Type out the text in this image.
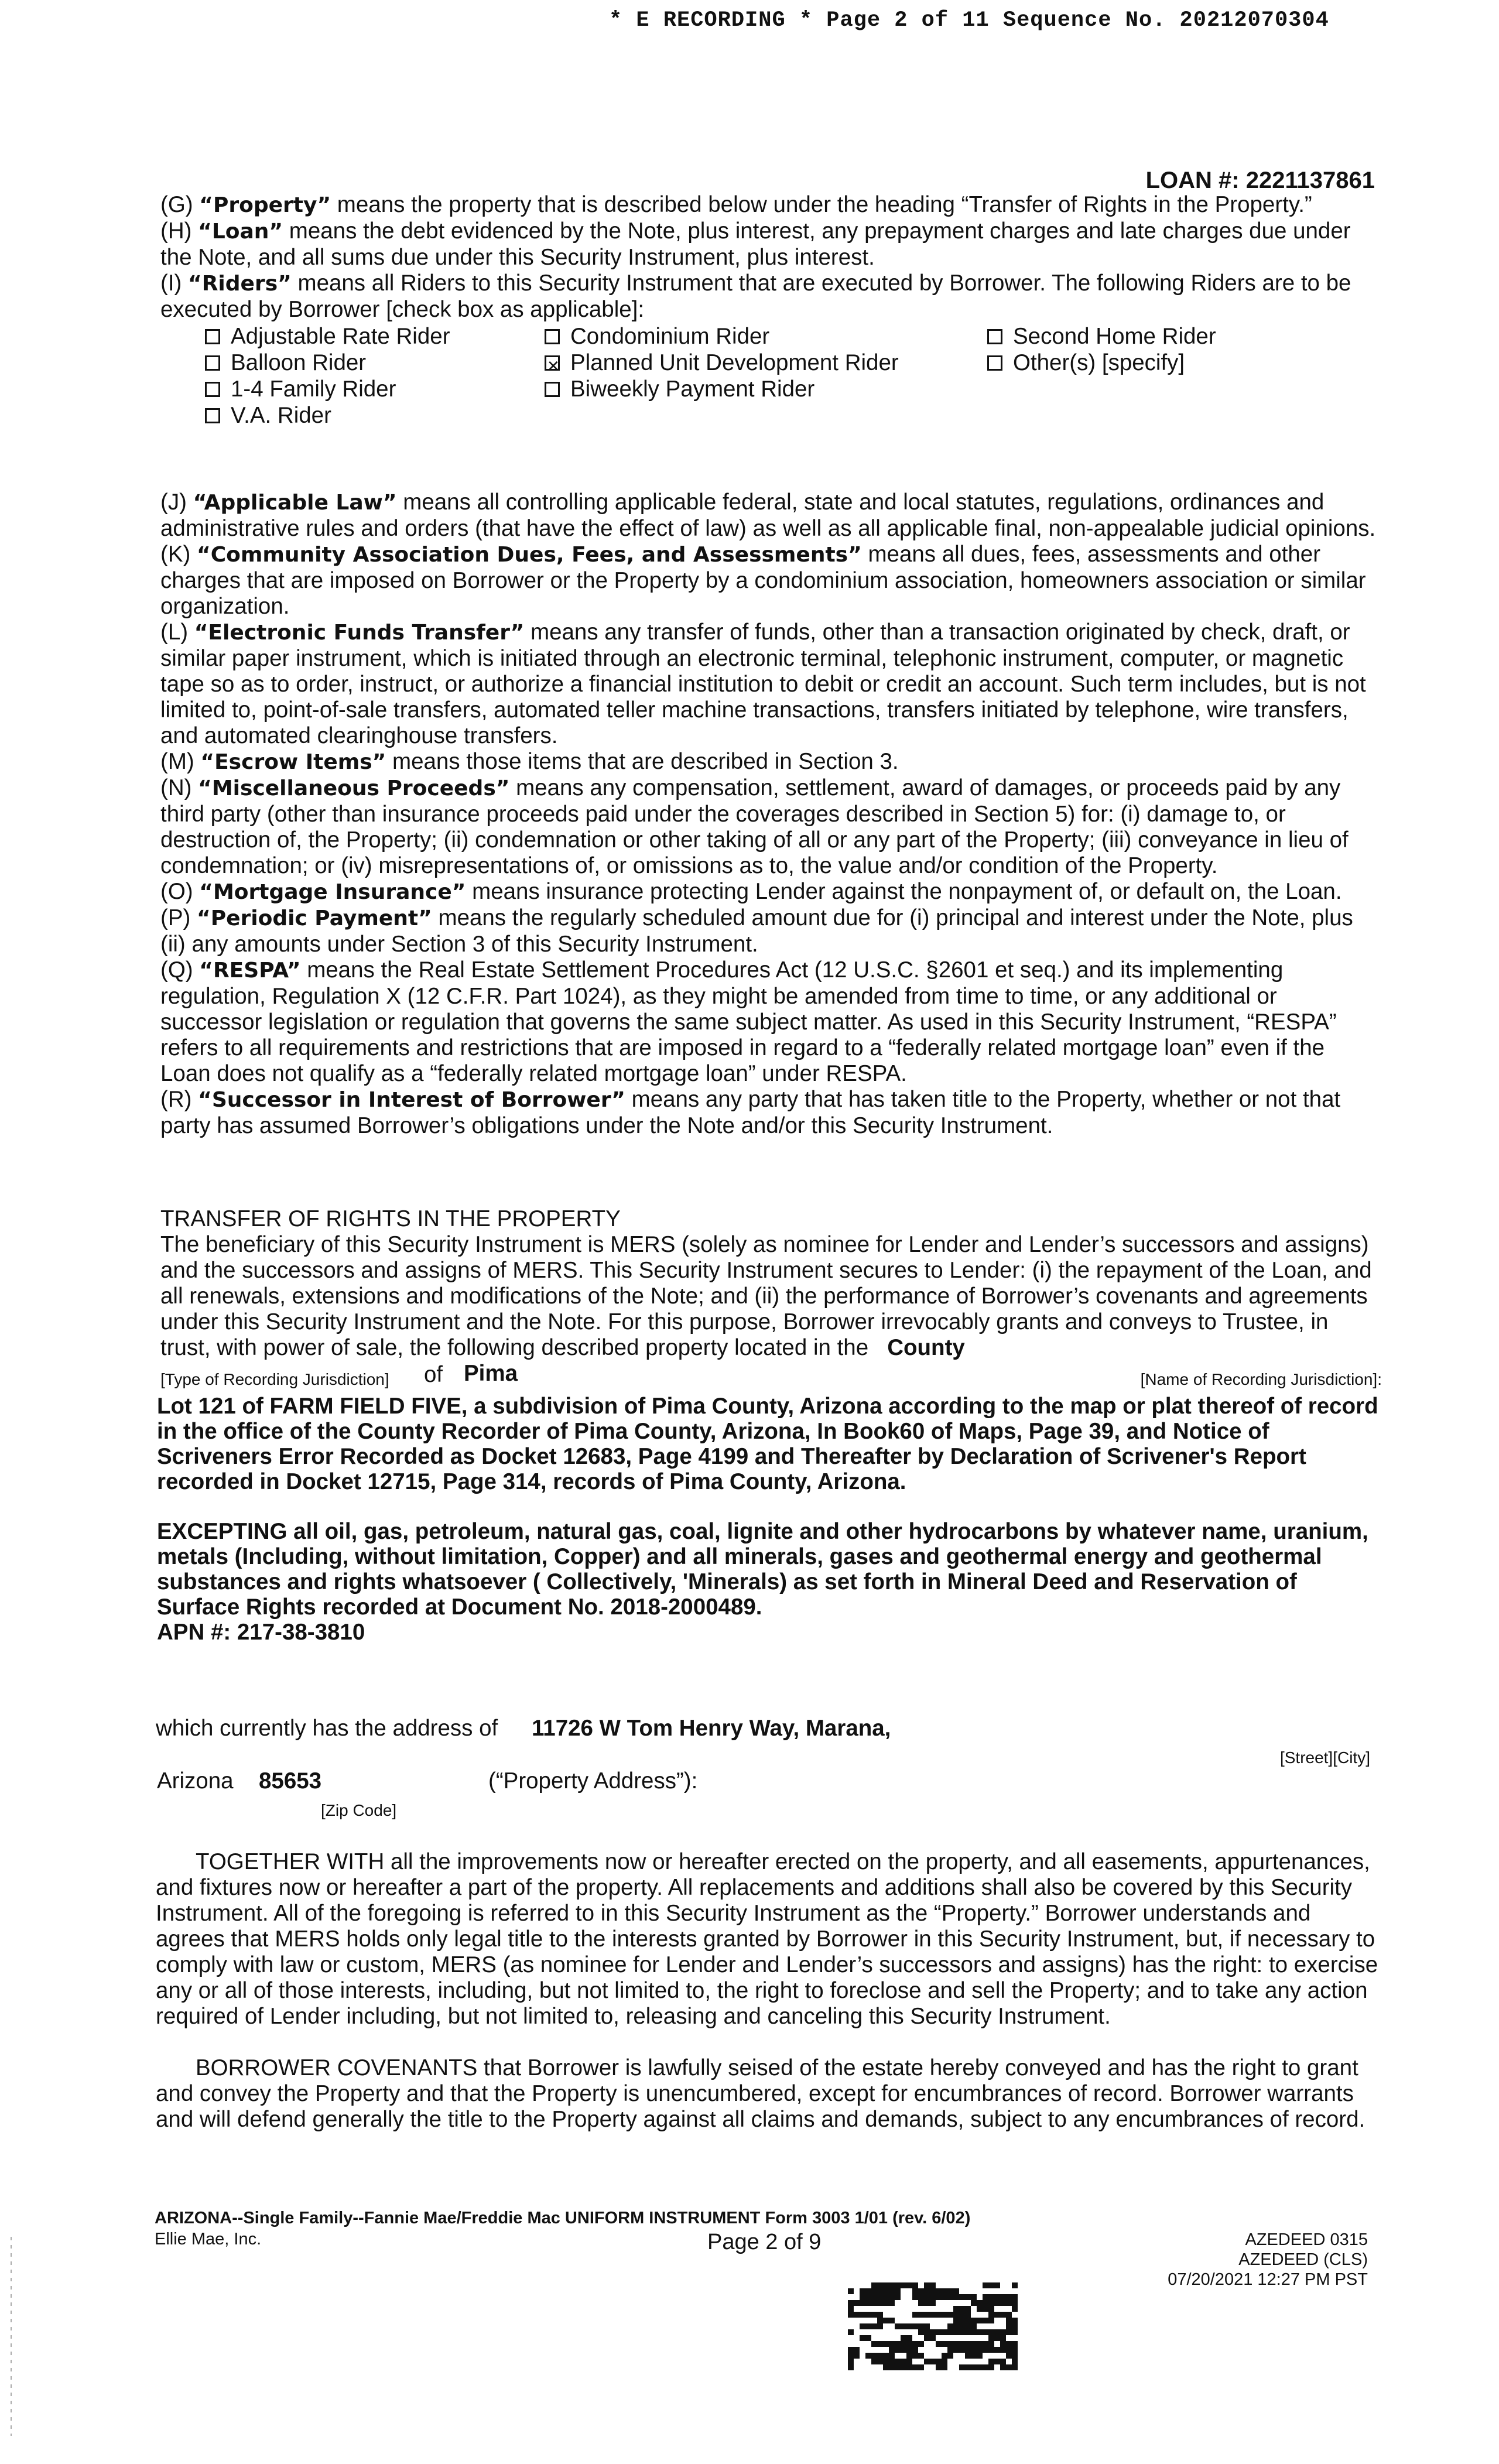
* E RECORDING * Page 2 of 11 Sequence No. 20212070304
LOAN #: 2221137861

(G) “Property” means the property that is described below under the heading “Transfer of Rights in the Property.”

(H) “Loan” means the debt evidenced by the Note, plus interest, any prepayment charges and late charges due under the Note, and all sums due under this Security Instrument, plus interest.

(I) “Riders” means all Riders to this Security Instrument that are executed by Borrower. The following Riders are to be executed by Borrower [check box as applicable]:

Adjustable Rate Rider
Balloon Rider
1-4 Family Rider
V.A. Rider
Condominium Rider
✕
Planned Unit Development Rider
Biweekly Payment Rider
Second Home Rider
Other(s) [specify]

(J) “Applicable Law” means all controlling applicable federal, state and local statutes, regulations, ordinances and administrative rules and orders (that have the effect of law) as well as all applicable final, non-appealable judicial opinions.

(K) “Community Association Dues, Fees, and Assessments” means all dues, fees, assessments and other charges that are imposed on Borrower or the Property by a condominium association, homeowners association or similar organization.

(L) “Electronic Funds Transfer” means any transfer of funds, other than a transaction originated by check, draft, or similar paper instrument, which is initiated through an electronic terminal, telephonic instrument, computer, or magnetic tape so as to order, instruct, or authorize a financial institution to debit or credit an account. Such term includes, but is not limited to, point-of-sale transfers, automated teller machine transactions, transfers initiated by telephone, wire transfers, and automated clearinghouse transfers.

(M) “Escrow Items” means those items that are described in Section 3.

(N) “Miscellaneous Proceeds” means any compensation, settlement, award of damages, or proceeds paid by any third party (other than insurance proceeds paid under the coverages described in Section 5) for: (i) damage to, or destruction of, the Property; (ii) condemnation or other taking of all or any part of the Property; (iii) conveyance in lieu of condemnation; or (iv) misrepresentations of, or omissions as to, the value and/or condition of the Property.

(O) “Mortgage Insurance” means insurance protecting Lender against the nonpayment of, or default on, the Loan.

(P) “Periodic Payment” means the regularly scheduled amount due for (i) principal and interest under the Note, plus (ii) any amounts under Section 3 of this Security Instrument.

(Q) “RESPA” means the Real Estate Settlement Procedures Act (12 U.S.C. §2601 et seq.) and its implementing regulation, Regulation X (12 C.F.R. Part 1024), as they might be amended from time to time, or any additional or successor legislation or regulation that governs the same subject matter. As used in this Security Instrument, “RESPA” refers to all requirements and restrictions that are imposed in regard to a “federally related mortgage loan” even if the Loan does not qualify as a “federally related mortgage loan” under RESPA.

(R) “Successor in Interest of Borrower” means any party that has taken title to the Property, whether or not that party has assumed Borrower’s obligations under the Note and/or this Security Instrument.

TRANSFER OF RIGHTS IN THE PROPERTY

The beneficiary of this Security Instrument is MERS (solely as nominee for Lender and Lender’s successors and assigns) and the successors and assigns of MERS. This Security Instrument secures to Lender: (i) the repayment of the Loan, and all renewals, extensions and modifications of the Note; and (ii) the performance of Borrower’s covenants and agreements under this Security Instrument and the Note. For this purpose, Borrower irrevocably grants and conveys to Trustee, in trust, with power of sale, the following described property located in the County

[Type of Recording Jurisdiction] of Pima	[Name of Recording Jurisdiction]:

Lot 121 of FARM FIELD FIVE, a subdivision of Pima County, Arizona according to the map or plat thereof of record in the office of the County Recorder of Pima County, Arizona, In Book60 of Maps, Page 39, and Notice of Scriveners Error Recorded as Docket 12683, Page 4199 and Thereafter by Declaration of Scrivener's Report recorded in Docket 12715, Page 314, records of Pima County, Arizona.

EXCEPTING all oil, gas, petroleum, natural gas, coal, lignite and other hydrocarbons by whatever name, uranium, metals (Including, without limitation, Copper) and all minerals, gases and geothermal energy and geothermal substances and rights whatsoever ( Collectively, 'Minerals) as set forth in Mineral Deed and Reservation of Surface Rights recorded at Document No. 2018-2000489.

APN #: 217-38-3810

which currently has the address of 11726 W Tom Henry Way, Marana,
[Street][City]
Arizona 85653	(“Property Address”):
[Zip Code]

TOGETHER WITH all the improvements now or hereafter erected on the property, and all easements, appurtenances, and fixtures now or hereafter a part of the property. All replacements and additions shall also be covered by this Security Instrument. All of the foregoing is referred to in this Security Instrument as the “Property.” Borrower understands and agrees that MERS holds only legal title to the interests granted by Borrower in this Security Instrument, but, if necessary to comply with law or custom, MERS (as nominee for Lender and Lender’s successors and assigns) has the right: to exercise any or all of those interests, including, but not limited to, the right to foreclose and sell the Property; and to take any action required of Lender including, but not limited to, releasing and canceling this Security Instrument.

BORROWER COVENANTS that Borrower is lawfully seised of the estate hereby conveyed and has the right to grant and convey the Property and that the Property is unencumbered, except for encumbrances of record. Borrower warrants and will defend generally the title to the Property against all claims and demands, subject to any encumbrances of record.

ARIZONA--Single Family--Fannie Mae/Freddie Mac UNIFORM INSTRUMENT Form 3003 1/01 (rev. 6/02)
Ellie Mae, Inc.	Page 2 of 9	AZEDEED 0315
AZEDEED (CLS)
07/20/2021 12:27 PM PST
